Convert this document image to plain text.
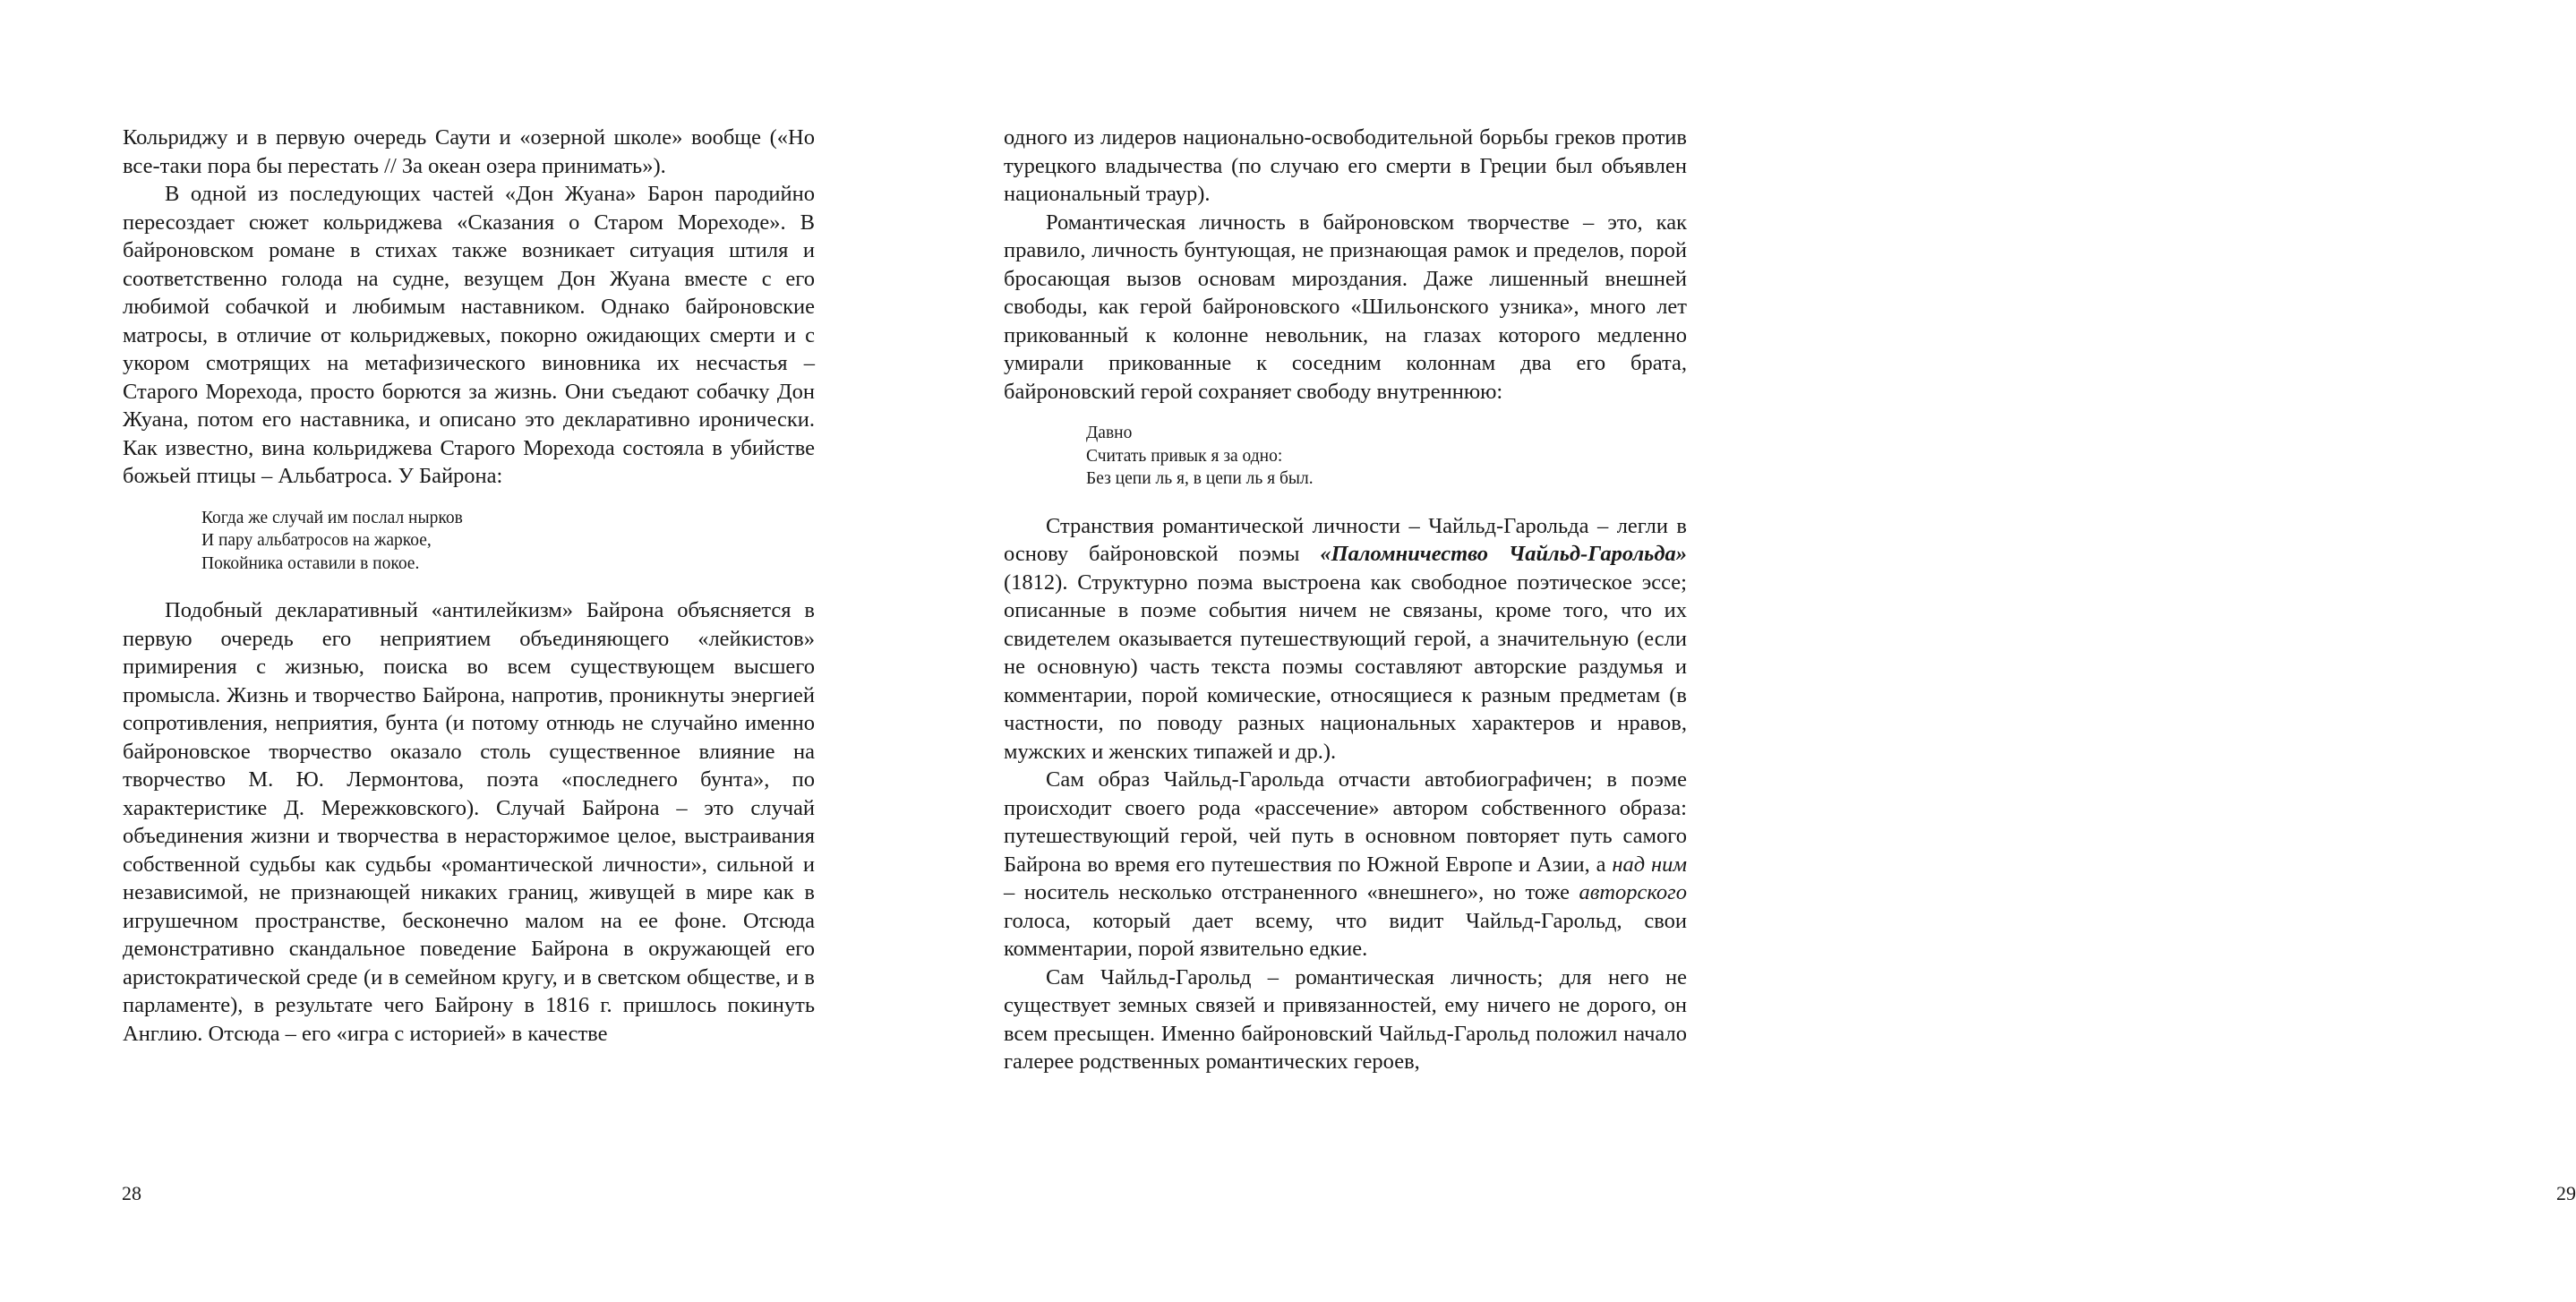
Кольриджу и в первую очередь Саути и «озерной школе» вообще («Но все-таки пора бы перестать // За океан озера принимать»).

В одной из последующих частей «Дон Жуана» Барон пародийно пересоздает сюжет кольриджева «Сказания о Старом Мореходе». В байроновском романе в стихах также возникает ситуация штиля и соответственно голода на судне, везущем Дон Жуана вместе с его любимой собачкой и любимым наставником. Однако байроновские матросы, в отличие от кольриджевых, покорно ожидающих смерти и с укором смотрящих на метафизического виновника их несчастья – Старого Морехода, просто борются за жизнь. Они съедают собачку Дон Жуана, потом его наставника, и описано это декларативно иронически. Как известно, вина кольриджева Старого Морехода состояла в убийстве божьей птицы – Альбатроса. У Байрона:

Когда же случай им послал нырков
И пару альбатросов на жаркое,
Покойника оставили в покое.

Подобный декларативный «антилейкизм» Байрона объясняется в первую очередь его неприятием объединяющего «лейкистов» примирения с жизнью, поиска во всем существующем высшего промысла. Жизнь и творчество Байрона, напротив, проникнуты энергией сопротивления, неприятия, бунта (и потому отнюдь не случайно именно байроновское творчество оказало столь существенное влияние на творчество М. Ю. Лермонтова, поэта «последнего бунта», по характеристике Д. Мережковского). Случай Байрона – это случай объединения жизни и творчества в нерасторжимое целое, выстраивания собственной судьбы как судьбы «романтической личности», сильной и независимой, не признающей никаких границ, живущей в мире как в игрушечном пространстве, бесконечно малом на ее фоне. Отсюда демонстративно скандальное поведение Байрона в окружающей его аристократической среде (и в семейном кругу, и в светском обществе, и в парламенте), в результате чего Байрону в 1816 г. пришлось покинуть Англию. Отсюда – его «игра с историей» в качестве

28

одного из лидеров национально-освободительной борьбы греков против турецкого владычества (по случаю его смерти в Греции был объявлен национальный траур).

Романтическая личность в байроновском творчестве – это, как правило, личность бунтующая, не признающая рамок и пределов, порой бросающая вызов основам мироздания. Даже лишенный внешней свободы, как герой байроновского «Шильонского узника», много лет прикованный к колонне невольник, на глазах которого медленно умирали прикованные к соседним колоннам два его брата, байроновский герой сохраняет свободу внутреннюю:

Давно
Считать привык я за одно:
Без цепи ль я, в цепи ль я был.

Странствия романтической личности – Чайльд-Гарольда – легли в основу байроновской поэмы «Паломничество Чайльд-Гарольда» (1812). Структурно поэма выстроена как свободное поэтическое эссе; описанные в поэме события ничем не связаны, кроме того, что их свидетелем оказывается путешествующий герой, а значительную (если не основную) часть текста поэмы составляют авторские раздумья и комментарии, порой комические, относящиеся к разным предметам (в частности, по поводу разных национальных характеров и нравов, мужских и женских типажей и др.).

Сам образ Чайльд-Гарольда отчасти автобиографичен; в поэме происходит своего рода «рассечение» автором собственного образа: путешествующий герой, чей путь в основном повторяет путь самого Байрона во время его путешествия по Южной Европе и Азии, а над ним – носитель несколько отстраненного «внешнего», но тоже авторского голоса, который дает всему, что видит Чайльд-Гарольд, свои комментарии, порой язвительно едкие.

Сам Чайльд-Гарольд – романтическая личность; для него не существует земных связей и привязанностей, ему ничего не дорого, он всем пресыщен. Именно байроновский Чайльд-Гарольд положил начало галерее родственных романтических героев,

29
